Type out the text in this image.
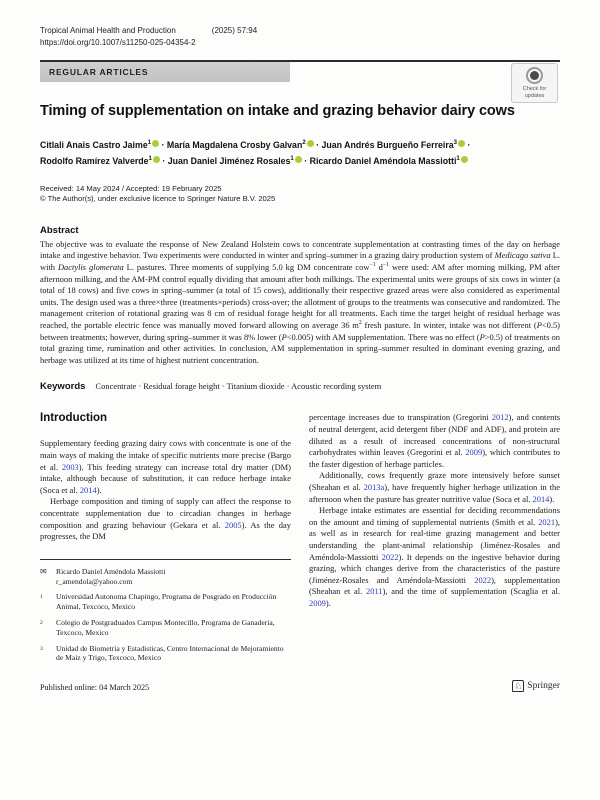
Tropical Animal Health and Production	(2025) 57:94
https://doi.org/10.1007/s11250-025-04354-2
REGULAR ARTICLES
Check for updates
Timing of supplementation on intake and grazing behavior dairy cows
Citlali Anais Castro Jaime$^1$ · María Magdalena Crosby Galvan$^2$ · Juan Andrés Burgueño Ferreira$^3$ · Rodolfo Ramírez Valverde$^1$ · Juan Daniel Jiménez Rosales$^1$ · Ricardo Daniel Améndola Massiotti$^1$
Received: 14 May 2024 / Accepted: 19 February 2025
© The Author(s), under exclusive licence to Springer Nature B.V. 2025
Abstract
The objective was to evaluate the response of New Zealand Holstein cows to concentrate supplementation at contrasting times of the day on herbage intake and ingestive behavior. Two experiments were conducted in winter and spring–summer in a grazing dairy production system of Medicago sativa L. with Dactylis glomerata L. pastures. Three moments of supplying 5.0 kg DM concentrate cow$^{-1}$ $d^{-1}$ were used: AM after morning milking, PM after afternoon milking, and the AM-PM control equally dividing that amount after both milkings. The experimental units were groups of six cows in winter (a total of 18 cows) and five cows in spring–summer (a total of 15 cows), additionally their respective grazed areas were also considered as experimental units. The design used was a three×three (treatments×periods) cross-over; the allotment of groups to the treatments was consecutive and randomized. The management criterion of rotational grazing was 8 cm of residual forage height for all treatments. Each time the target height of residual herbage was reached, the portable electric fence was manually moved forward allowing on average 36 $m^2$ fresh pasture. In winter, intake was not different (P<0.5) between treatments; however, during spring–summer it was 8% lower (P<0.005) with AM supplementation. There was no effect (P>0.5) of treatments on total grazing time, rumination and other activities. In conclusion, AM supplementation in spring–summer resulted in dominant evening grazing, and herbage was utilized at its time of highest nutrient concentration.
Keywords Concentrate · Residual forage height · Titanium dioxide · Acoustic recording system
Introduction

Supplementary feeding grazing dairy cows with concentrate is one of the main ways of making the intake of specific nutrients more precise (Bargo et al. 2003). This feeding strategy can increase total dry matter (DM) intake, although because of substitution, it can reduce herbage intake (Soca et al. 2014).

Herbage composition and timing of supply can affect the response to concentrate supplementation due to circadian changes in herbage composition and grazing behaviour (Gekara et al. 2005). As the day progresses, the DM

✉	Ricardo Daniel Améndola Massiotti
r_amendola@yahoo.com
1	Universidad Autonoma Chapingo, Programa de Posgrado en Producción Animal, Texcoco, Mexico
2	Colegio de Postgraduados Campus Montecillo, Programa de Ganaderia, Texcoco, Mexico
3	Unidad de Biometria y Estadisticas, Centro Internacional de Mejoramiento de Maiz y Trigo, Texcoco, Mexico
Published online: 04 March 2025

percentage increases due to transpiration (Gregorini 2012), and contents of neutral detergent, acid detergent fiber (NDF and ADF), and protein are diluted as a result of increased concentrations of non-structural carbohydrates within leaves (Gregorini et al. 2009), which contributes to the faster digestion of herbage particles.

Additionally, cows frequently graze more intensively before sunset (Sheahan et al. 2013a), have frequently higher herbage utilization in the afternoon when the pasture has greater nutritive value (Soca et al. 2014).

Herbage intake estimates are essential for deciding recommendations on the amount and timing of supplemental nutrients (Smith et al. 2021), as well as in research for real-time grazing management and better understanding the plant-animal relationship (Jiménez-Rosales and Améndola-Massiotti 2022). It depends on the ingestive behavior during grazing, which changes derive from the characteristics of the pasture (Jiménez-Rosales and Améndola-Massiotti 2022), supplementation (Sheahan et al. 2011), and the time of supplementation (Scaglia et al. 2009).

♘ Springer
